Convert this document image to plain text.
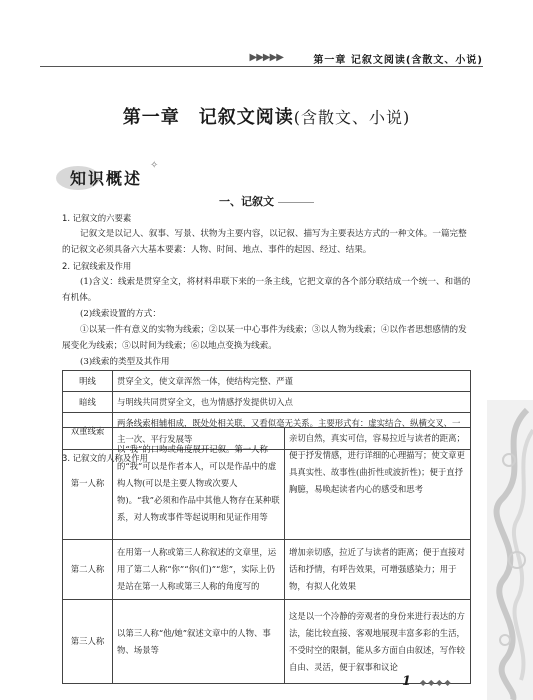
▶▶▶▶▶	第一章 记叙文阅读(含散文、小说)
第一章　记叙文阅读(含散文、小说)
知识概述
✧
一、记叙文

1. 记叙文的六要素

记叙文是以记人、叙事、写景、状物为主要内容，以记叙、描写为主要表达方式的一种文体。一篇完整的记叙文必须具备六大基本要素：人物、时间、地点、事件的起因、经过、结果。

2. 记叙线索及作用

(1)含义：线索是贯穿全文，将材料串联下来的一条主线，它把文章的各个部分联结成一个统一、和谐的有机体。

(2)线索设置的方式：

①以某一件有意义的实物为线索；②以某一中心事件为线索；③以人物为线索；④以作者思想感情的发展变化为线索；⑤以时间为线索；⑥以地点变换为线索。

(3)线索的类型及其作用

明线	贯穿全文，使文章浑然一体，使结构完整、严谨
暗线	与明线共同贯穿全文，也为情感抒发提供切入点
双重线索	两条线索相辅相成，既处处相关联，又看似毫无关系。主要形式有：虚实结合、纵横交叉、一主一次、平行发展等

3. 记叙文的人称及作用

第一人称	以“我”的口吻或角度展开记叙。第一人称的“我”可以是作者本人，可以是作品中的虚构人物(可以是主要人物或次要人物)。“我”必须和作品中其他人物存在某种联系，对人物或事件等起说明和见证作用等	亲切自然，真实可信，容易拉近与读者的距离；便于抒发情感，进行详细的心理描写；使文章更具真实性、故事性(曲折性或波折性)；便于直抒胸臆，易唤起读者内心的感受和思考
第二人称	在用第一人称或第三人称叙述的文章里，运用了第二人称“你”“你(们)”“您”，实际上仍是站在第一人称或第三人称的角度写的	增加亲切感，拉近了与读者的距离；便于直接对话和抒情，有呼告效果，可增强感染力；用于物，有拟人化效果
第三人称	以第三人称“他/她”叙述文章中的人物、事物、场景等	这是以一个冷静的旁观者的身份来进行表达的方法，能比较直接、客观地展现丰富多彩的生活，不受时空的限制，能从多方面自由叙述，写作较自由、灵活，便于叙事和议论
1 ◆◆◆◆
